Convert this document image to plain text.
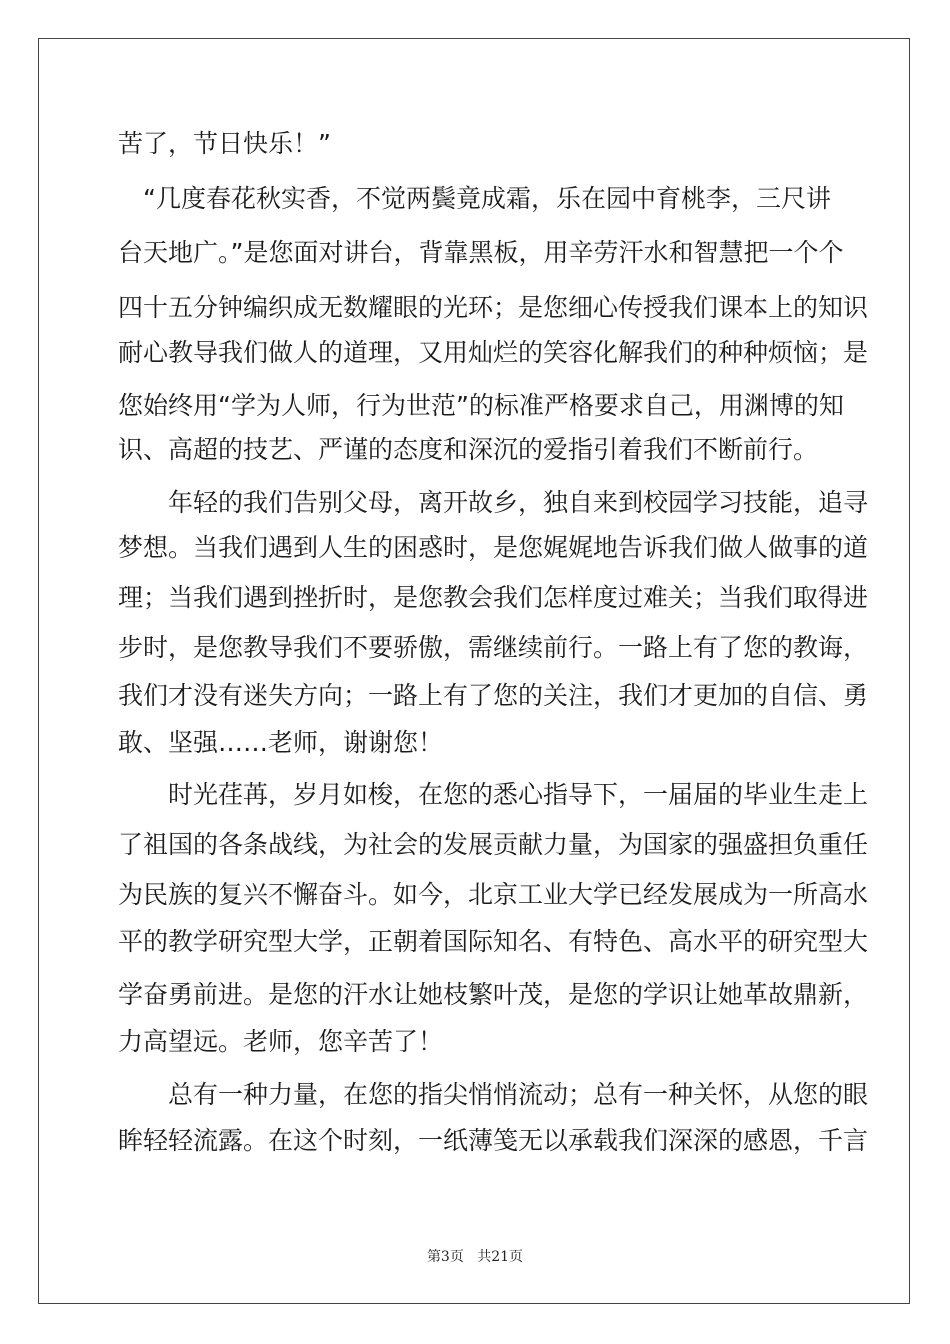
苦了，节日快乐！”
　“几度春花秋实香，不觉两鬓竟成霜，乐在园中育桃李，三尺讲
台天地广。”是您面对讲台，背靠黑板，用辛劳汗水和智慧把一个个
四十五分钟编织成无数耀眼的光环；是您细心传授我们课本上的知识
耐心教导我们做人的道理，又用灿烂的笑容化解我们的种种烦恼；是
您始终用“学为人师，行为世范”的标准严格要求自己，用渊博的知
识、高超的技艺、严谨的态度和深沉的爱指引着我们不断前行。
　　年轻的我们告别父母，离开故乡，独自来到校园学习技能，追寻
梦想。当我们遇到人生的困惑时，是您娓娓地告诉我们做人做事的道
理；当我们遇到挫折时，是您教会我们怎样度过难关；当我们取得进
步时，是您教导我们不要骄傲，需继续前行。一路上有了您的教诲，
我们才没有迷失方向；一路上有了您的关注，我们才更加的自信、勇
敢、坚强……老师，谢谢您！
　　时光荏苒，岁月如梭，在您的悉心指导下，一届届的毕业生走上
了祖国的各条战线，为社会的发展贡献力量，为国家的强盛担负重任
为民族的复兴不懈奋斗。如今，北京工业大学已经发展成为一所高水
平的教学研究型大学，正朝着国际知名、有特色、高水平的研究型大
学奋勇前进。是您的汗水让她枝繁叶茂，是您的学识让她革故鼎新，
力高望远。老师，您辛苦了！
　　总有一种力量，在您的指尖悄悄流动；总有一种关怀，从您的眼
眸轻轻流露。在这个时刻，一纸薄笺无以承载我们深深的感恩，千言
第3页 共21页
